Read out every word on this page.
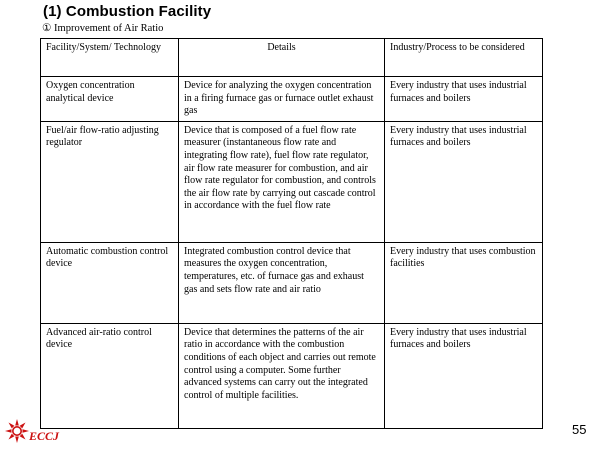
(1) Combustion Facility
① Improvement of Air Ratio
Facility/System/ Technology	Details	Industry/Process to be considered
Oxygen concentration analytical device	Device for analyzing the oxygen concentration in a firing furnace gas or furnace outlet exhaust gas	Every industry that uses industrial furnaces and boilers
Fuel/air flow-ratio adjusting regulator	Device that is composed of a fuel flow rate measurer (instantaneous flow rate and integrating flow rate), fuel flow rate regulator, air flow rate measurer for combustion, and air flow rate regulator for combustion, and controls the air flow rate by carrying out cascade control in accordance with the fuel flow rate	Every industry that uses industrial furnaces and boilers
Automatic combustion control device	Integrated combustion control device that measures the oxygen concentration, temperatures, etc. of furnace gas and exhaust gas and sets flow rate and air ratio	Every industry that uses combustion facilities
Advanced air-ratio control device	Device that determines the patterns of the air ratio in accordance with the combustion conditions of each object and carries out remote control using a computer. Some further advanced systems can carry out the integrated control of multiple facilities.	Every industry that uses industrial furnaces and boilers
ECCJ	55
